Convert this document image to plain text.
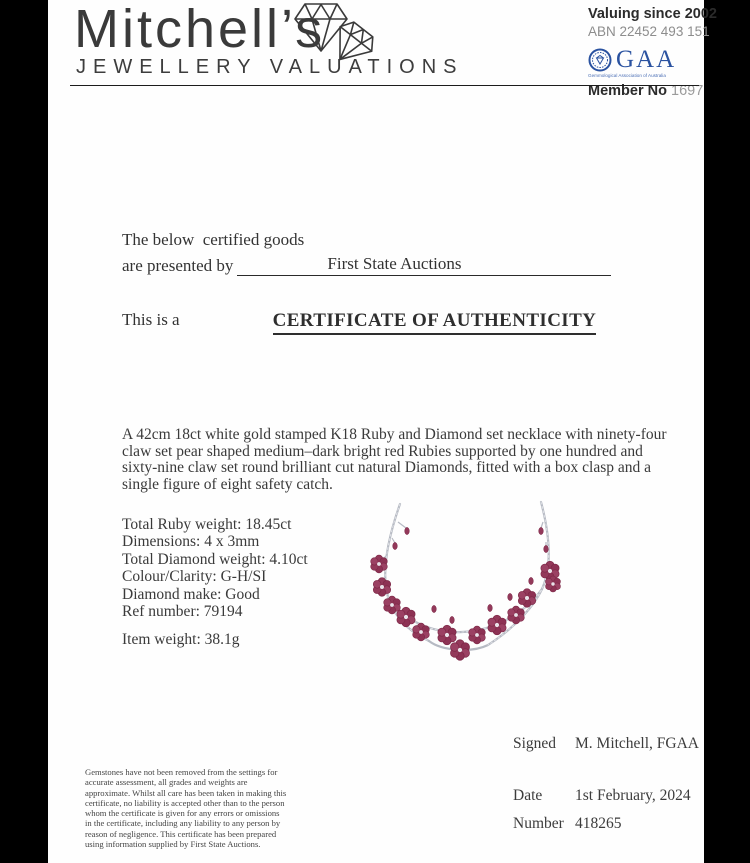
Mitchell’s
JEWELLERY VALUATIONS
Valuing since 2002
ABN 22452 493 151
GAA
Gemmological Association of Australia
Member No 1697
The below  certified goods
are presented by	First State Auctions
This is a	CERTIFICATE OF AUTHENTICITY
A 42cm 18ct white gold stamped K18 Ruby and Diamond set necklace with ninety-four claw set pear shaped medium–dark bright red Rubies supported by one hundred and sixty-nine claw set round brilliant cut natural Diamonds, fitted with a box clasp and a single figure of eight safety catch.
Total Ruby weight: 18.45ct
Dimensions: 4 x 3mm
Total Diamond weight: 4.10ct
Colour/Clarity: G-H/SI
Diamond make: Good
Ref number: 79194
Item weight: 38.1g
Signed	M. Mitchell, FGAA
Date	1st February, 2024
Number 418265
Gemstones have not been removed from the settings for accurate assessment, all grades and weights are approximate. Whilst all care has been taken in making this certificate, no liability is accepted other than to the person whom the certificate is given for any errors or omissions in the certificate, including any liability to any person by reason of negligence. This certificate has been prepared using information supplied by First State Auctions.
